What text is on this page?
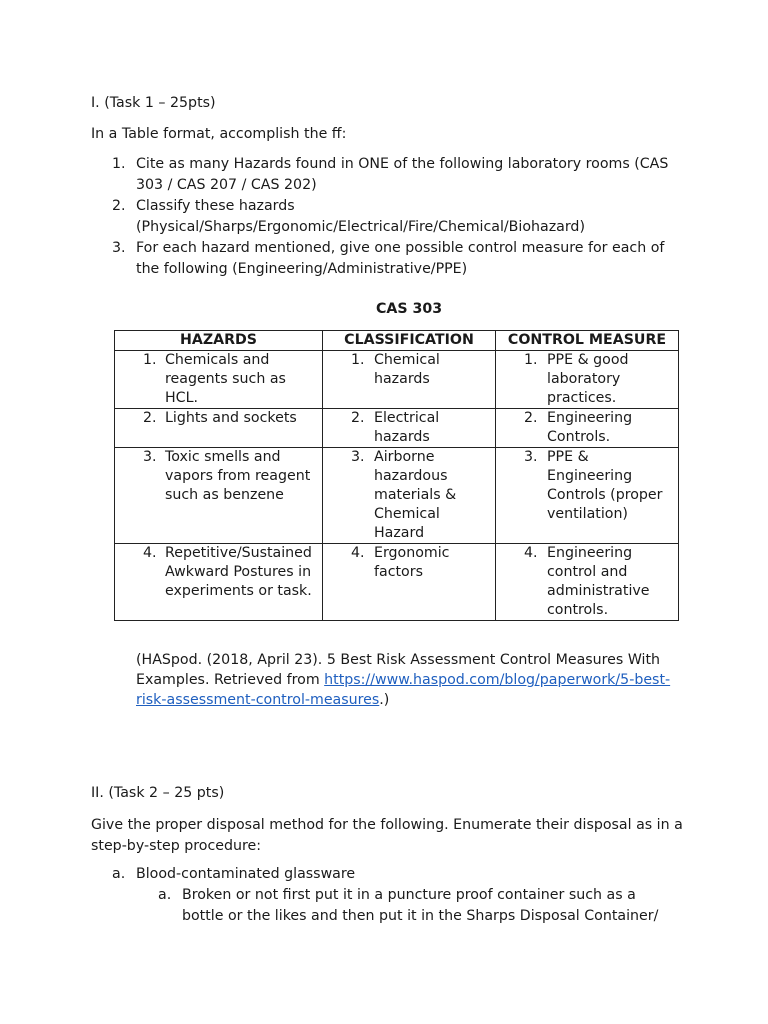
I. (Task 1 – 25pts)
In a Table format, accomplish the ff:
1. Cite as many Hazards found in ONE of the following laboratory rooms (CAS 303 / CAS 207 / CAS 202)
2. Classify these hazards (Physical/Sharps/Ergonomic/Electrical/Fire/Chemical/Biohazard)
3. For each hazard mentioned, give one possible control measure for each of the following (Engineering/Administrative/PPE)
CAS 303
HAZARDS	CLASSIFICATION	CONTROL MEASURE

1. Chemicals and reagents such as HCL.	1. Chemical hazards	1. PPE & good laboratory practices.

2. Lights and sockets	2. Electrical hazards	2. Engineering Controls.

3. Toxic smells and vapors from reagent such as benzene	3. Airborne hazardous materials & Chemical Hazard	3. PPE & Engineering Controls (proper ventilation)

4. Repetitive/Sustained Awkward Postures in experiments or task.	4. Ergonomic factors	4. Engineering control and administrative controls.
(HASpod. (2018, April 23). 5 Best Risk Assessment Control Measures With Examples. Retrieved from https://www.haspod.com/blog/paperwork/5-best-risk-assessment-control-measures.)
II. (Task 2 – 25 pts)
Give the proper disposal method for the following. Enumerate their disposal as in a step-by-step procedure:
a. Blood-contaminated glassware
a. Broken or not first put it in a puncture proof container such as a bottle or the likes and then put it in the Sharps Disposal Container/
